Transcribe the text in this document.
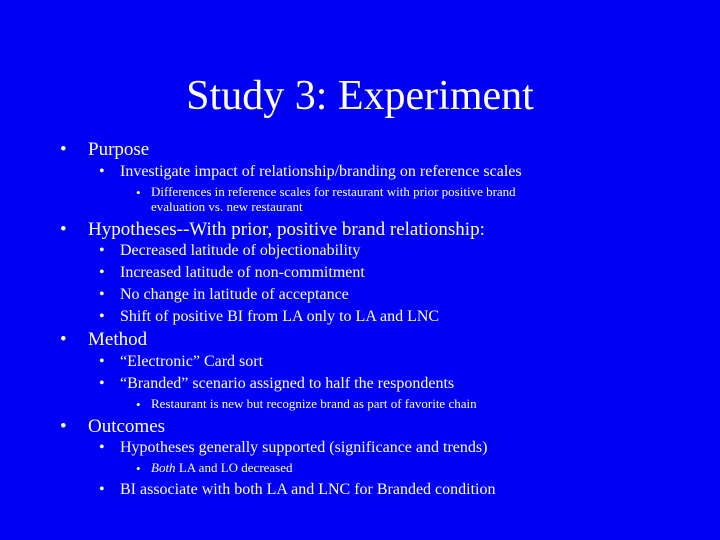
Study 3: Experiment
• Purpose
• Investigate impact of relationship/branding on reference scales
• Differences in reference scales for restaurant with prior positive brand
evaluation vs. new restaurant
• Hypotheses--With prior, positive brand relationship:
• Decreased latitude of objectionability
• Increased latitude of non-commitment
• No change in latitude of acceptance
• Shift of positive BI from LA only to LA and LNC
• Method
• “Electronic” Card sort
• “Branded” scenario assigned to half the respondents
• Restaurant is new but recognize brand as part of favorite chain
• Outcomes
• Hypotheses generally supported (significance and trends)
• Both LA and LO decreased
• BI associate with both LA and LNC for Branded condition
